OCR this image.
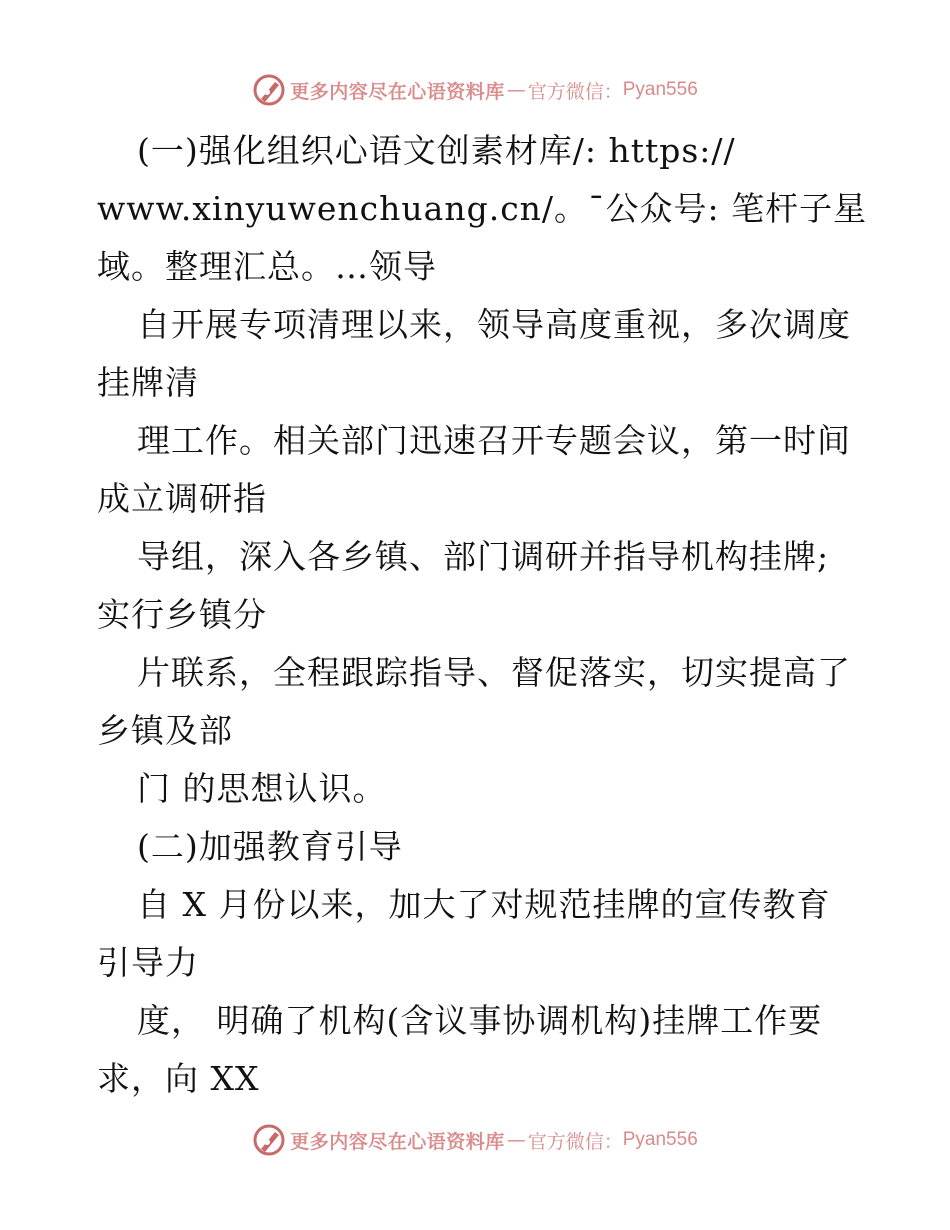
更多内容尽在心语资料库 — 官方微信： Pyan556
(一)强化组织心语文创素材库/: https://
www.xinyuwenchuang.cn/。¯公众号: 笔杆子星
域。整理汇总。…领导
自开展专项清理以来，领导高度重视，多次调度
挂牌清
理工作。相关部门迅速召开专题会议，第一时间
成立调研指
导组，深入各乡镇、部门调研并指导机构挂牌;
实行乡镇分
片联系，全程跟踪指导、督促落实，切实提高了
乡镇及部
门 的思想认识。
(二)加强教育引导
自 X 月份以来，加大了对规范挂牌的宣传教育
引导力
度， 明确了机构(含议事协调机构)挂牌工作要
求，向 XX
更多内容尽在心语资料库 — 官方微信： Pyan556
